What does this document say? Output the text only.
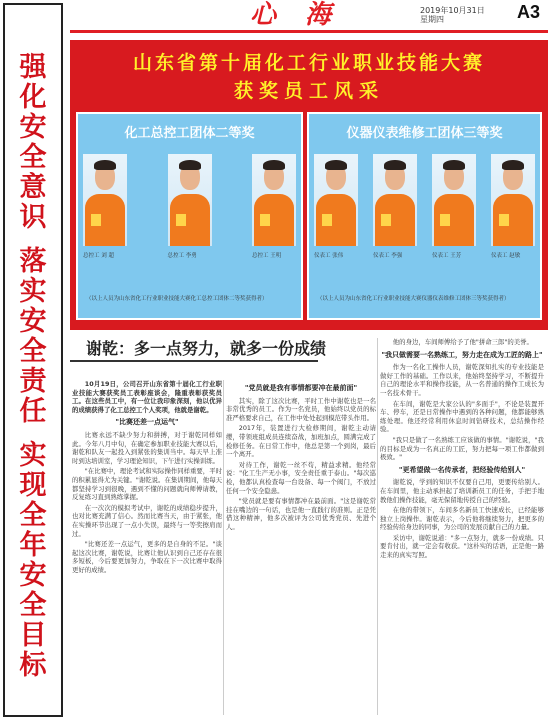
强
化
安
全
意
识
落
实
安
全
责
任
实
现
全
年
安
全
目
标
心 海	2019年10月31日
星期四	A3
山东省第十届化工行业职业技能大赛
获奖员工风采
化工总控工团体二等奖
总控工 刘 超	总控工 李勇	总控工 王明
（以上人员为山东省化工行业职业技能大赛化工总控工团体二等奖获得者）
仪器仪表维修工团体三等奖
仪表工 张伟	仪表工 李强	仪表工 王芳	仪表工 赵敏
（以上人员为山东省化工行业职业技能大赛仪器仪表维修工团体三等奖获得者）
谢乾：多一点努力，就多一份成绩

10月19日，公司召开山东省第十届化工行业职业技能大赛获奖员工表彰座谈会，隆重表彰获奖员工。在这些员工中，有一位让我印象深刻，他以优异的成绩获得了化工总控工个人奖项，他就是谢乾。

"比赛还差一点运气"

比赛永远不缺少努力和拼搏，对于谢乾同样如此。今年八月中旬，在确定参加职业技能大赛以后，谢乾和队友一起投入到紧张的集训当中。每天早上准时到达培训室，学习理论知识，下午进行实操训练。

"在比赛中，理论考试和实际操作同样重要，平时的积累显得尤为关键。"谢乾说。在集训期间，他每天都坚持学习到很晚，遇到不懂的问题就向师傅请教，反复练习直到熟练掌握。

在一次次的模拟考试中，谢乾的成绩稳步提升，也对比赛充满了信心。然而比赛当天，由于紧张，他在实操环节出现了一点小失误，最终与一等奖擦肩而过。

"比赛还差一点运气，更多的是自身的不足。"谈起这次比赛，谢乾说，比赛让他认识到自己还存在很多短板，今后要更加努力，争取在下一次比赛中取得更好的成绩。

"党员就是我有事情都要冲在最前面"

其实，除了这次比赛，平时工作中谢乾也是一名非常优秀的员工。作为一名党员，他始终以党员的标准严格要求自己，在工作中处处起到模范带头作用。

2017年，装置进行大检修期间，谢乾主动请缨，带领班组成员连续奋战，加班加点，圆满完成了检修任务。在日常工作中，他总是第一个到岗，最后一个离开。

对待工作，谢乾一丝不苟，精益求精。他经常说："化工生产无小事，安全责任重于泰山。"每次巡检，他都认真检查每一台设备、每一个阀门，不放过任何一个安全隐患。

"党员就是要有事情都冲在最前面。"这是谢乾常挂在嘴边的一句话，也是他一直践行的准则。正是凭借这种精神，他多次被评为公司优秀党员、先进个人。

他的身边，车间师傅给予了他"拼命三郎"的美誉。

"我只做需要一名熟练工，努力走在成为工匠的路上"

作为一名化工操作人员，谢乾深知扎实的专业技能是做好工作的基础。工作以来，他始终坚持学习，不断提升自己的理论水平和操作技能，从一名普通的操作工成长为一名技术骨干。

在车间，谢乾是大家公认的"多面手"，不论是装置开车、停车，还是日常操作中遇到的各种问题，他都能够熟练处理。他还经常利用休息时间钻研技术，总结操作经验。

"我只是做了一名熟练工应该做的事情。"谢乾说，"我的目标是成为一名真正的工匠，努力把每一项工作都做到极致。"

"更希望做一名传承者，把经验传给别人"

谢乾说，学到的知识不仅要自己用，更要传给别人。在车间里，他主动承担起了培训新员工的任务，手把手地教他们操作技能，毫无保留地传授自己的经验。

在他的带领下，车间多名新员工快速成长，已经能够独立上岗操作。谢乾表示，今后他将继续努力，把更多的经验传给身边的同事，为公司的发展贡献自己的力量。

采访中，谢乾说道："多一点努力，就多一份成绩。只要肯付出，就一定会有收获。"这朴实的话语，正是他一路走来的真实写照。
